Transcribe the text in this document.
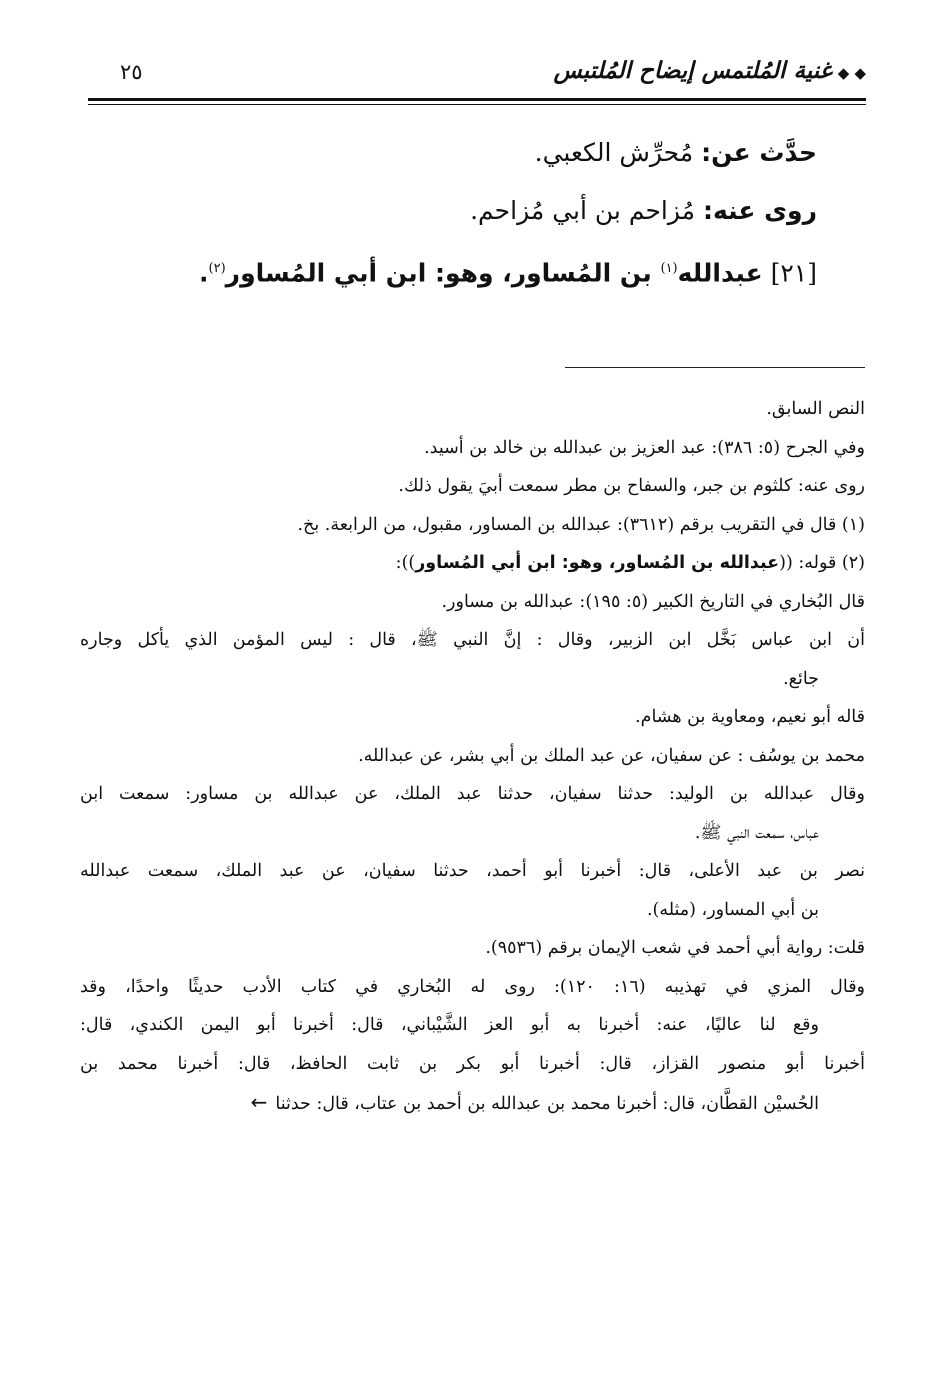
◆ ◆غنية المُلتمس إيضاح المُلتبس
٢٥
حدَّث عن: مُحرِّش الكعبي.
روى عنه: مُزاحم بن أبي مُزاحم.
[٢١] عبدالله$^{(١)}$ بن المُساور، وهو: ابن أبي المُساور$^{(٢)}$.
النص السابق.
وفي الجرح (٥: ٣٨٦): عبد العزيز بن عبدالله بن خالد بن أسيد.
روى عنه: كلثوم بن جبر، والسفاح بن مطر سمعت أبيَ يقول ذلك.
(١) قال في التقريب برقم (٣٦١٢): عبدالله بن المساور، مقبول، من الرابعة. بخ.
(٢) قوله: ((عبدالله بن المُساور، وهو: ابن أبي المُساور)):
قال البُخاري في التاريخ الكبير (٥: ١٩٥): عبدالله بن مساور.
أن ابن عباس بَخَّل ابن الزبير، وقال : إنَّ النبي ﷺ، قال : ليس المؤمن الذي يأكل وجاره
جائع.
قاله أبو نعيم، ومعاوية بن هشام.
محمد بن يوسُف : عن سفيان، عن عبد الملك بن أبي بشر، عن عبدالله.
وقال عبدالله بن الوليد: حدثنا سفيان، حدثنا عبد الملك، عن عبدالله بن مساور: سمعت ابن
عباس، سمعت النبي ﷺ.
نصر بن عبد الأعلى، قال: أخبرنا أبو أحمد، حدثنا سفيان، عن عبد الملك، سمعت عبدالله
بن أبي المساور، (مثله).
قلت: رواية أبي أحمد في شعب الإيمان برقم (٩٥٣٦).
وقال المزي في تهذيبه (١٦: ١٢٠): روى له البُخاري في كتاب الأدب حديثًا واحدًا، وقد
وقع لنا عاليًا، عنه: أخبرنا به أبو العز الشَّيْباني، قال: أخبرنا أبو اليمن الكندي، قال:
أخبرنا أبو منصور القزاز، قال: أخبرنا أبو بكر بن ثابت الحافظ، قال: أخبرنا محمد بن
الحُسيْن القطَّان، قال: أخبرنا محمد بن عبدالله بن أحمد بن عتاب، قال: حدثنا←
